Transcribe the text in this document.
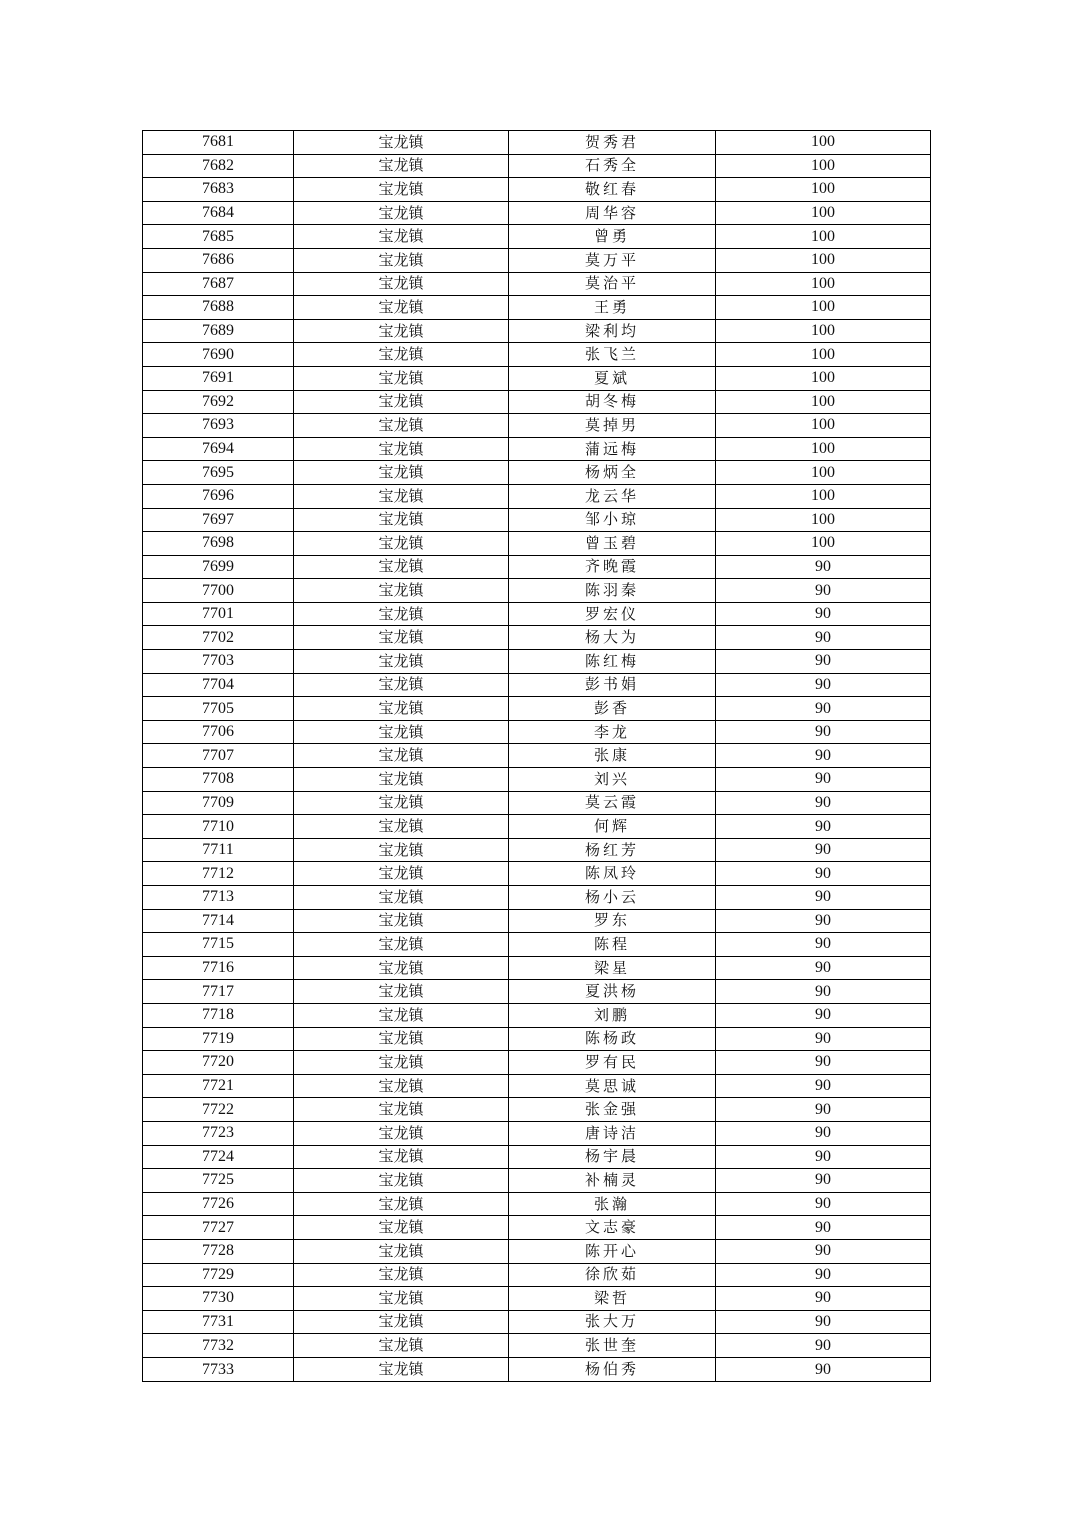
7681	宝龙镇	贺秀君	100
7682	宝龙镇	石秀全	100
7683	宝龙镇	敬红春	100
7684	宝龙镇	周华容	100
7685	宝龙镇	曾勇	100
7686	宝龙镇	莫万平	100
7687	宝龙镇	莫治平	100
7688	宝龙镇	王勇	100
7689	宝龙镇	梁利均	100
7690	宝龙镇	张飞兰	100
7691	宝龙镇	夏斌	100
7692	宝龙镇	胡冬梅	100
7693	宝龙镇	莫掉男	100
7694	宝龙镇	蒲远梅	100
7695	宝龙镇	杨炳全	100
7696	宝龙镇	龙云华	100
7697	宝龙镇	邹小琼	100
7698	宝龙镇	曾玉碧	100
7699	宝龙镇	齐晚霞	90
7700	宝龙镇	陈羽秦	90
7701	宝龙镇	罗宏仪	90
7702	宝龙镇	杨大为	90
7703	宝龙镇	陈红梅	90
7704	宝龙镇	彭书娟	90
7705	宝龙镇	彭香	90
7706	宝龙镇	李龙	90
7707	宝龙镇	张康	90
7708	宝龙镇	刘兴	90
7709	宝龙镇	莫云霞	90
7710	宝龙镇	何辉	90
7711	宝龙镇	杨红芳	90
7712	宝龙镇	陈凤玲	90
7713	宝龙镇	杨小云	90
7714	宝龙镇	罗东	90
7715	宝龙镇	陈程	90
7716	宝龙镇	梁星	90
7717	宝龙镇	夏洪杨	90
7718	宝龙镇	刘鹏	90
7719	宝龙镇	陈杨政	90
7720	宝龙镇	罗有民	90
7721	宝龙镇	莫思诚	90
7722	宝龙镇	张金强	90
7723	宝龙镇	唐诗洁	90
7724	宝龙镇	杨宇晨	90
7725	宝龙镇	补楠灵	90
7726	宝龙镇	张瀚	90
7727	宝龙镇	文志豪	90
7728	宝龙镇	陈开心	90
7729	宝龙镇	徐欣茹	90
7730	宝龙镇	梁哲	90
7731	宝龙镇	张大万	90
7732	宝龙镇	张世奎	90
7733	宝龙镇	杨伯秀	90
